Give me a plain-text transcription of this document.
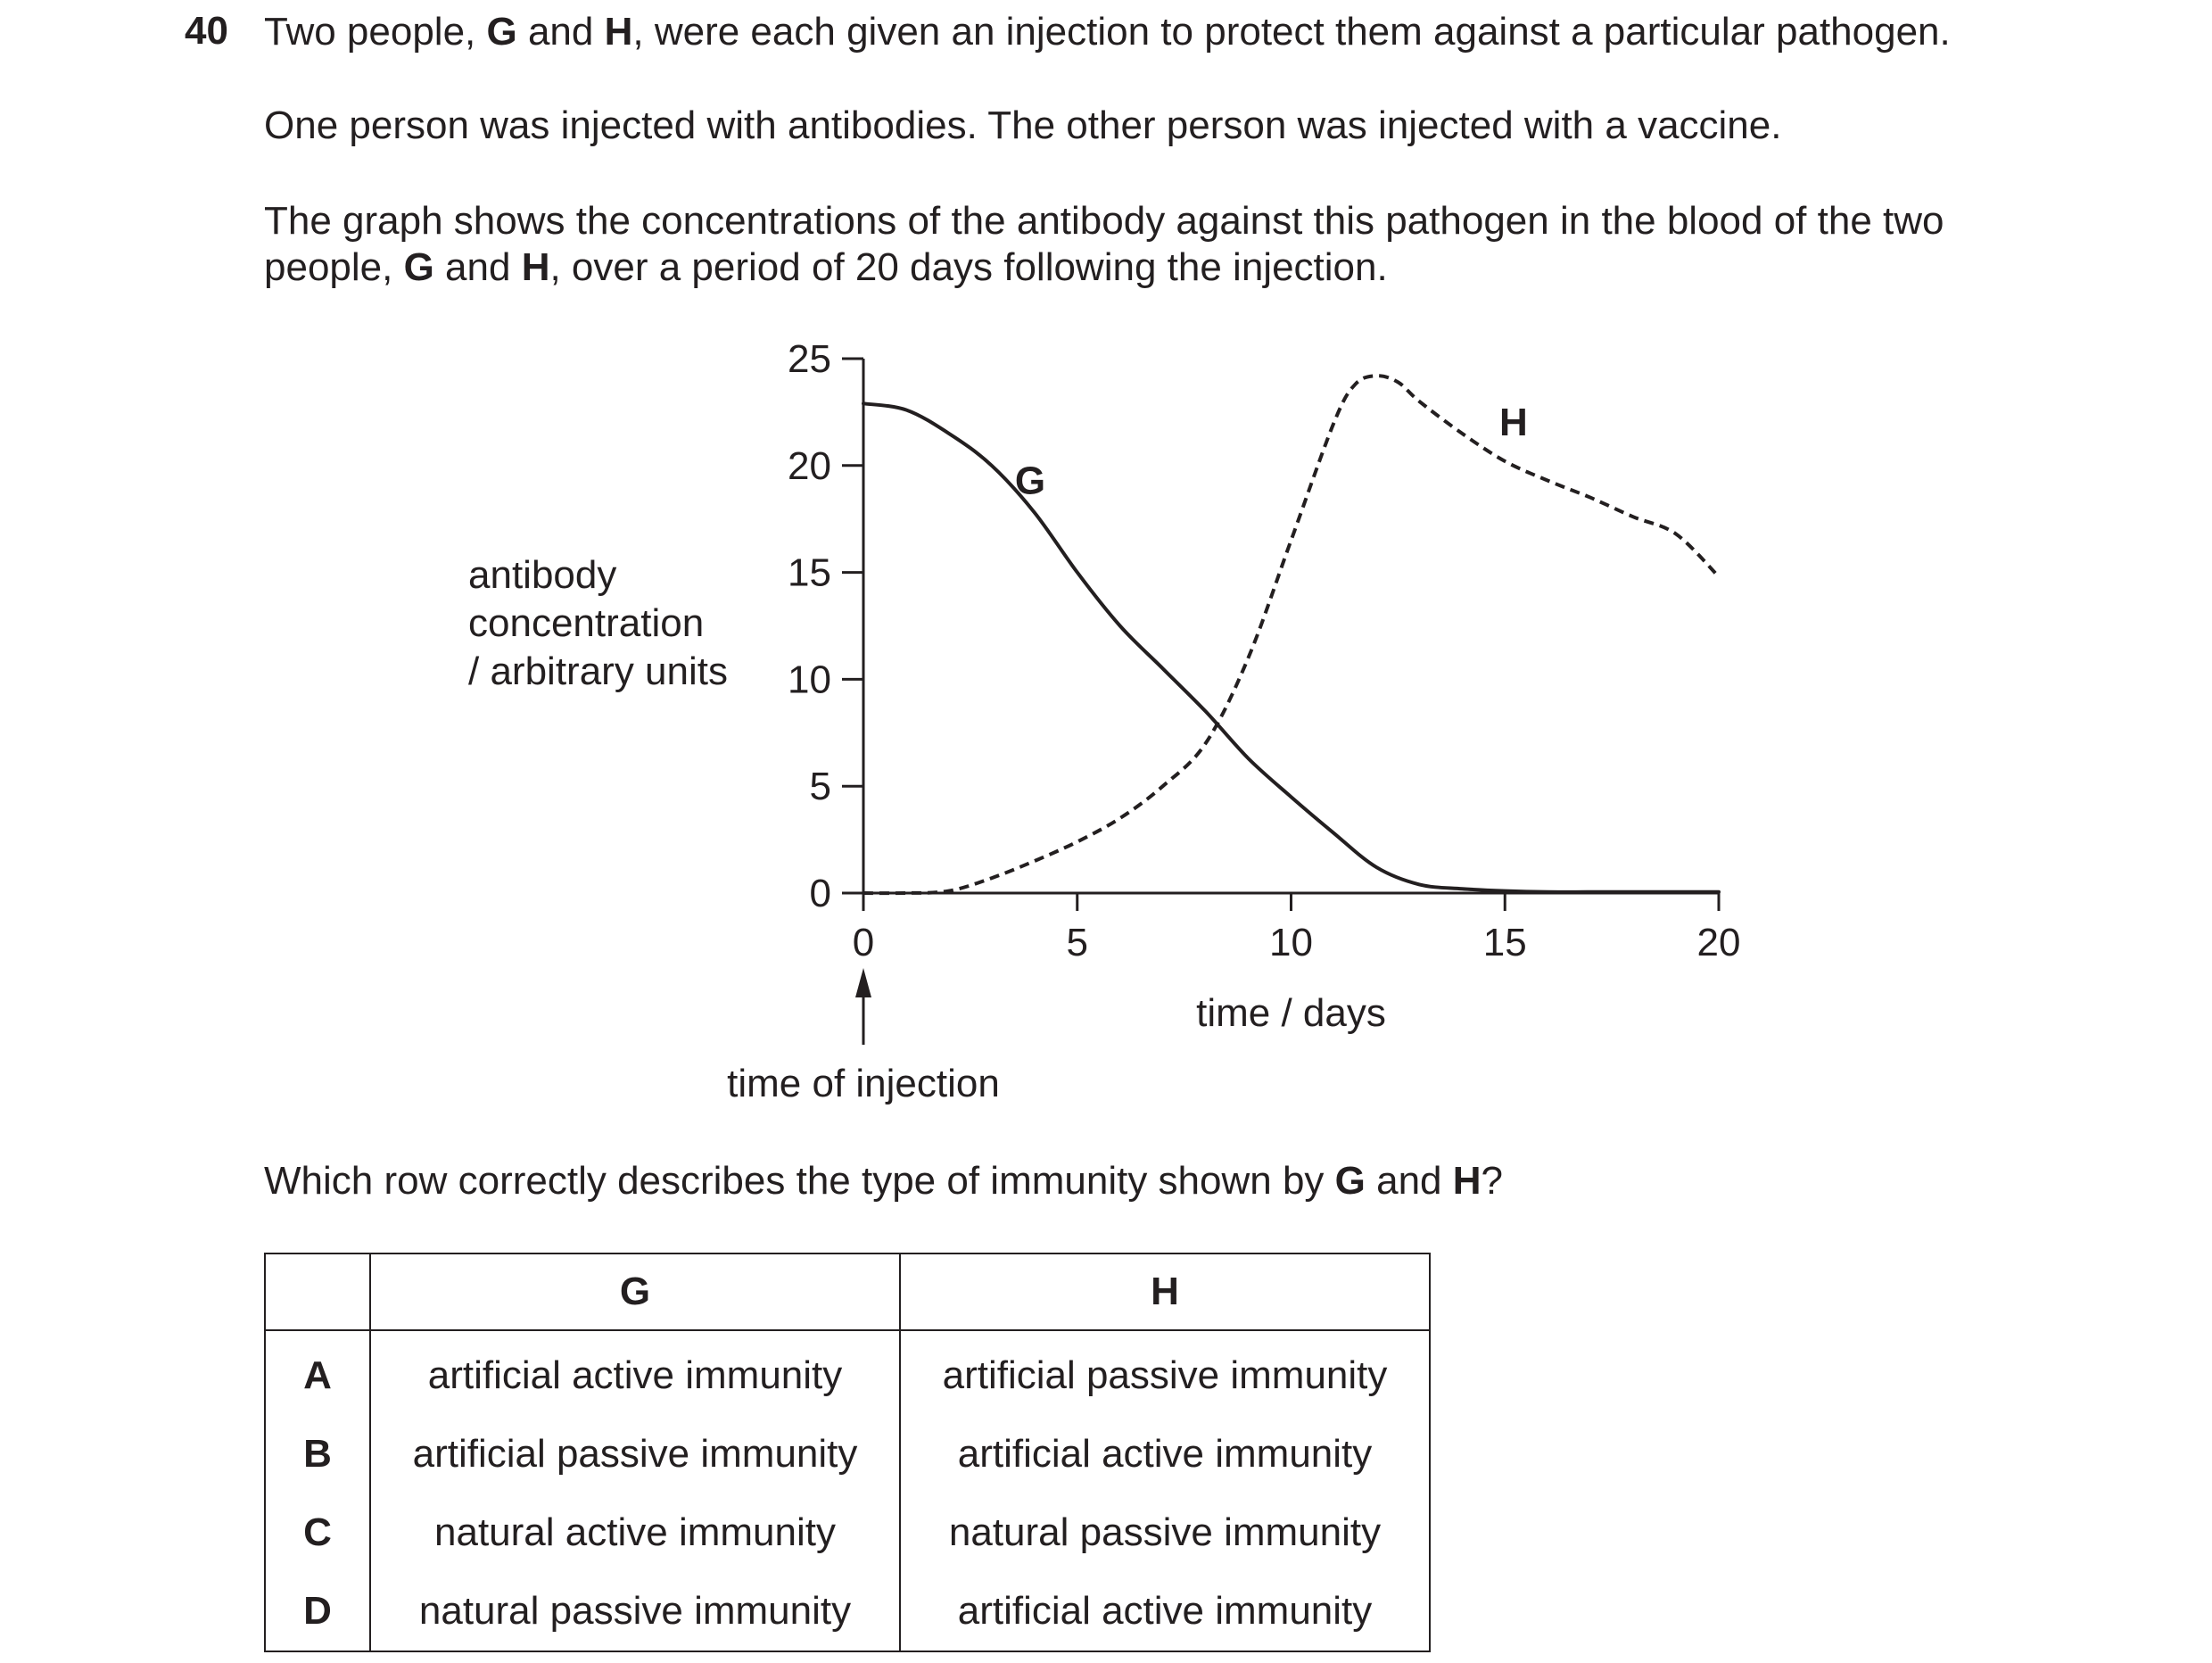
40 Two people, G and H, were each given an injection to protect them against a particular pathogen.

One person was injected with antibodies. The other person was injected with a vaccine.

The graph shows the concentrations of the antibody against this pathogen in the blood of the two
people, G and H, over a period of 20 days following the injection.

antibody
concentration
/ arbitrary units
0
5
10
15
20
25
0	5	10	15	20
time / days
time of injection
G
H

Which row correctly describes the type of immunity shown by G and H?

	G	H
A	artificial active immunity	artificial passive immunity
B	artificial passive immunity	artificial active immunity
C	natural active immunity	natural passive immunity
D	natural passive immunity	artificial active immunity
